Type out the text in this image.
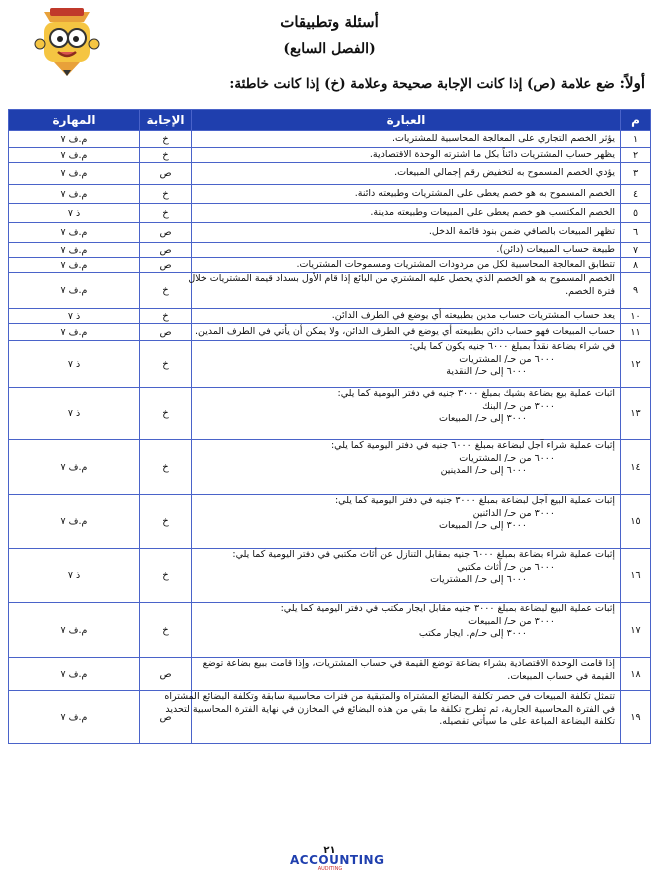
أسئلة وتطبيقات
(الفصل السابع)
أولاً: ضع علامة (ص) إذا كانت الإجابة صحيحة وعلامة (خ) إذا كانت خاطئة:
م	العبارة	الإجابة	المهارة
١	يؤثر الخصم التجاري على المعالجة المحاسبية للمشتريات.	خ	م.ف ٧
٢	يظهر حساب المشتريات دائناً بكل ما اشترته الوحدة الاقتصادية.	خ	م.ف ٧
٣	يؤدي الخصم المسموح به لتخفيض رقم إجمالي المبيعات.	ص	م.ف ٧
٤	الخصم المسموح به هو خصم يعطى على المشتريات وطبيعته دائنة.	خ	م.ف ٧
٥	الخصم المكتسب هو خصم يعطى على المبيعات وطبيعته مدينة.	خ	ذ ٧
٦	تظهر المبيعات بالصافي ضمن بنود قائمة الدخل.	ص	م.ف ٧
٧	طبيعة حساب المبيعات (دائن).	ص	م.ف ٧
٨	تتطابق المعالجة المحاسبية لكل من مردودات المشتريات ومسموحات المشتريات.	ص	م.ف ٧
٩	الخصم المسموح به هو الخصم الذي يحصل عليه المشتري من البائع إذا قام الأول بسداد قيمة المشتريات خلال
فترة الخصم.	خ	م.ف ٧
١٠	يعد حساب المشتريات حساب مدين بطبيعته أي يوضع في الطرف الدائن.	خ	ذ ٧
١١	حساب المبيعات فهو حساب دائن بطبيعته أي يوضع في الطرف الدائن، ولا يمكن أن يأتي في الطرف المدين.	ص	م.ف ٧
١٢	في شراء بضاعة نقداً بمبلغ ٦٠٠٠ جنيه يكون كما يلي:
٦٠٠٠ من حـ/ المشتريات
٦٠٠٠ إلى حـ/ النقدية	خ	ذ ٧
١٣	اثبات عملية بيع بضاعة بشيك بمبلغ ٣٠٠٠ جنيه في دفتر اليومية كما يلي:
٣٠٠٠ من حـ/ البنك
٣٠٠٠ إلى حـ/ المبيعات	خ	ذ ٧
١٤	إثبات عملية شراء آجل لبضاعة بمبلغ ٦٠٠٠ جنيه في دفتر اليومية كما يلي:
٦٠٠٠ من حـ/ المشتريات
٦٠٠٠ إلى حـ/ المدينين	خ	م.ف ٧
١٥	إثبات عملية البيع آجل لبضاعة بمبلغ ٣٠٠٠ جنيه في دفتر اليومية كما يلي:
٣٠٠٠ من حـ/ الدائنين
٣٠٠٠ إلى حـ/ المبيعات	خ	م.ف ٧
١٦	إثبات عملية شراء بضاعة بمبلغ ٦٠٠٠ جنيه بمقابل التنازل عن أثاث مكتبي في دفتر اليومية كما يلي:
٦٠٠٠ من حـ/ أثاث مكتبي
٦٠٠٠ إلى حـ/ المشتريات	خ	ذ ٧
١٧	إثبات عملية البيع لبضاعة بمبلغ ٣٠٠٠ جنيه مقابل ايجار مكتب في دفتر اليومية كما يلي:
٣٠٠٠ من حـ/ المبيعات
٣٠٠٠ إلى حـ/م. ايجار مكتب	خ	م.ف ٧
١٨	إذا قامت الوحدة الاقتصادية بشراء بضاعة توضع القيمة في حساب المشتريات، وإذا قامت ببيع بضاعة توضع
القيمة في حساب المبيعات.	ص	م.ف ٧
١٩	تتمثل تكلفة المبيعات في حصر تكلفة البضائع المشتراه والمتبقية من فترات محاسبية سابقة وتكلفة البضائع المشتراه
في الفترة المحاسبية الجارية، ثم تطرح تكلفة ما بقي من هذه البضائع في المخازن في نهاية الفترة المحاسبية لتحديد
تكلفة البضاعة المباعة على ما سيأتي تفصيله.	ص	م.ف ٧
٢١
ACCOUNTING
AUDITING
